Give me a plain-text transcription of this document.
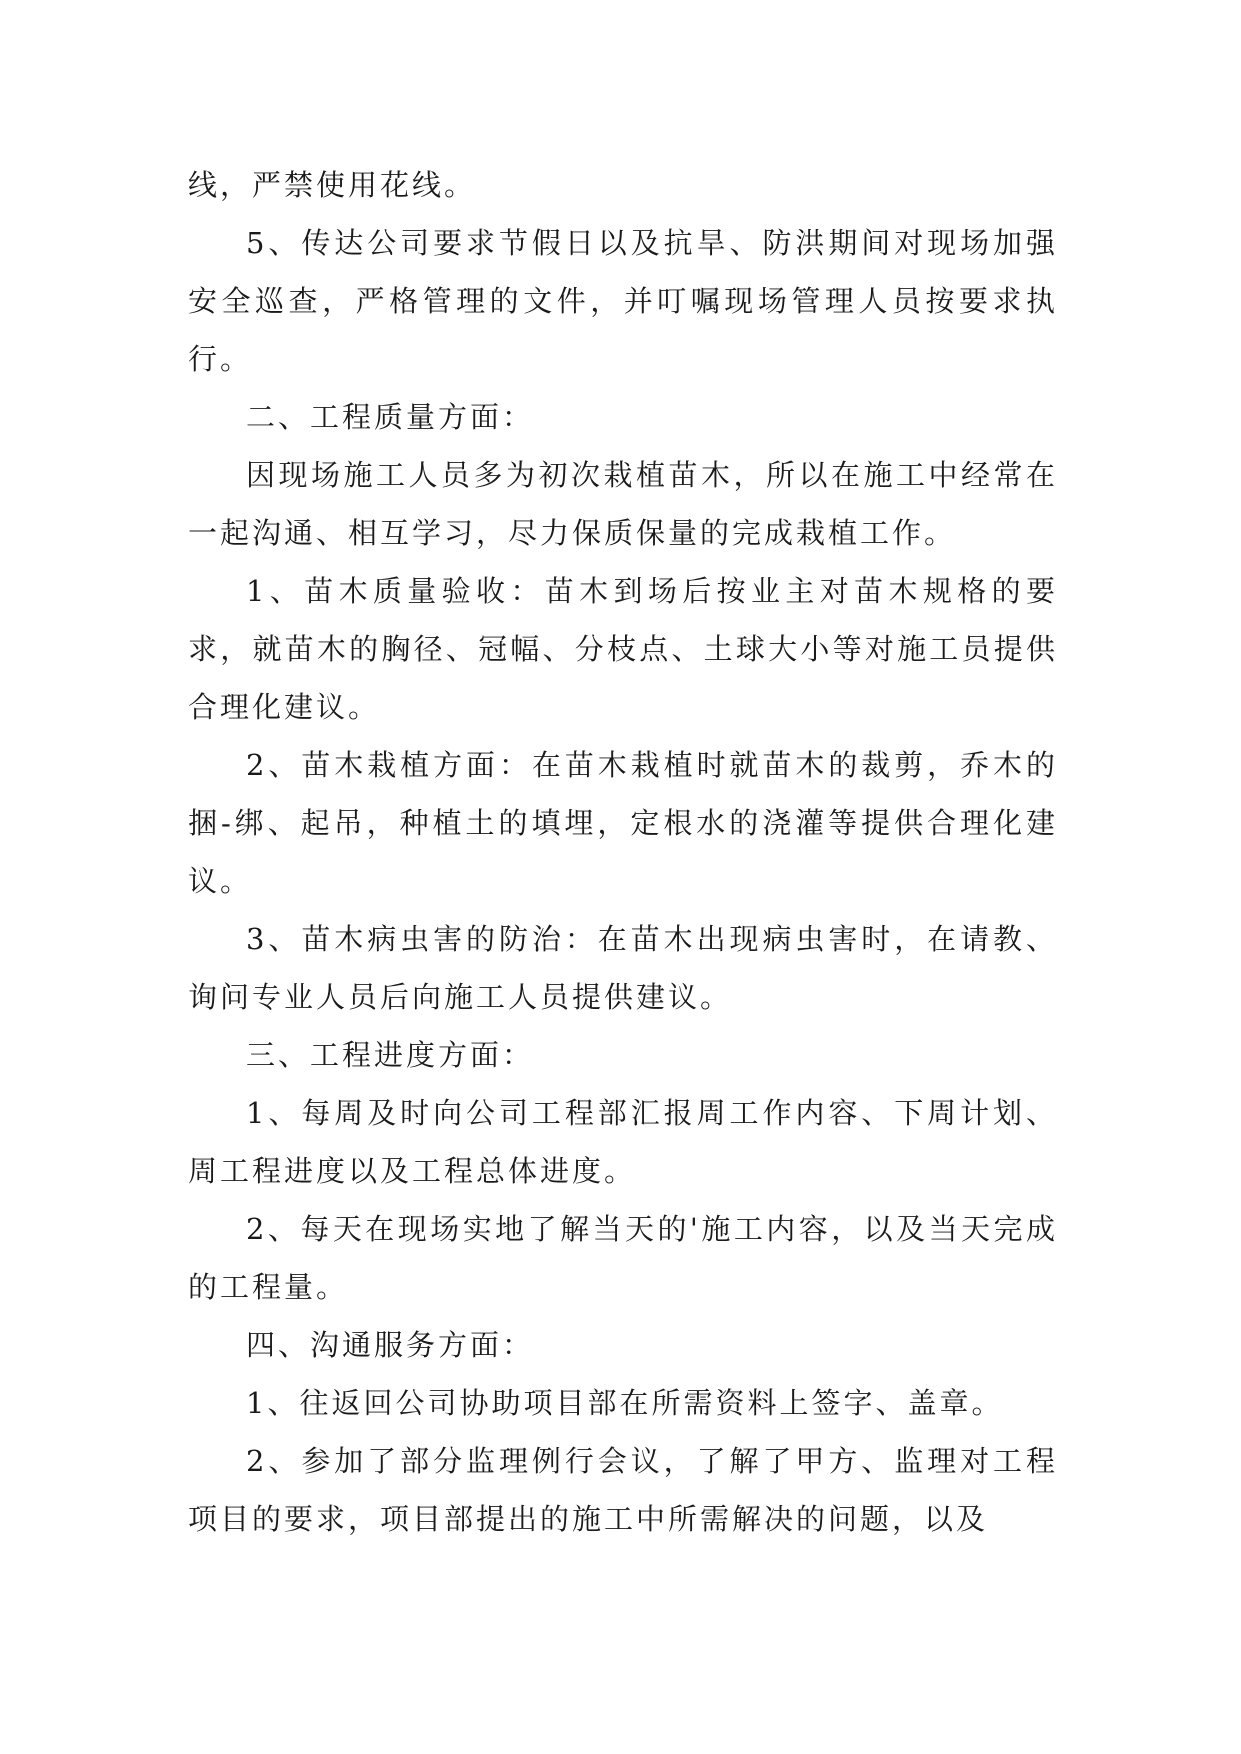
线，严禁使用花线。

5、传达公司要求节假日以及抗旱、防洪期间对现场加强安全巡查，严格管理的文件，并叮嘱现场管理人员按要求执行。

二、工程质量方面：

因现场施工人员多为初次栽植苗木，所以在施工中经常在一起沟通、相互学习，尽力保质保量的完成栽植工作。

1、苗木质量验收：苗木到场后按业主对苗木规格的要求，就苗木的胸径、冠幅、分枝点、土球大小等对施工员提供合理化建议。

2、苗木栽植方面：在苗木栽植时就苗木的裁剪，乔木的捆-绑、起吊，种植土的填埋，定根水的浇灌等提供合理化建议。

3、苗木病虫害的防治：在苗木出现病虫害时，在请教、询问专业人员后向施工人员提供建议。

三、工程进度方面：

1、每周及时向公司工程部汇报周工作内容、下周计划、周工程进度以及工程总体进度。

2、每天在现场实地了解当天的'施工内容，以及当天完成的工程量。

四、沟通服务方面：

1、往返回公司协助项目部在所需资料上签字、盖章。

2、参加了部分监理例行会议，了解了甲方、监理对工程项目的要求，项目部提出的施工中所需解决的问题，以及
